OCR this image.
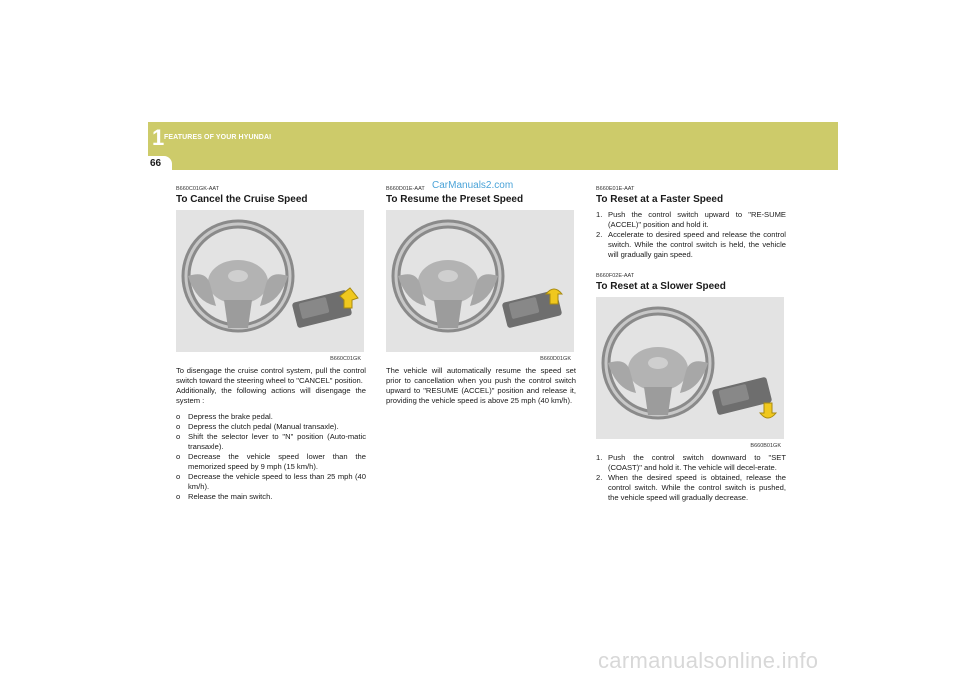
1 FEATURES OF YOUR HYUNDAI
66
CarManuals2.com

B660C01GK-AAT

To Cancel the Cruise Speed
B660C01GK

To disengage the cruise control system, pull the control switch toward the steering wheel to "CANCEL" position.

Additionally, the following actions will disengage the system :

o Depress the brake pedal.
o Depress the clutch pedal (Manual transaxle).
o Shift the selector lever to "N" position (Auto-matic transaxle).
o Decrease the vehicle speed lower than the memorized speed by 9 mph (15 km/h).
o Decrease the vehicle speed to less than 25 mph (40 km/h).
o Release the main switch.

B660D01E-AAT

To Resume the Preset Speed
B660D01GK

The vehicle will automatically resume the speed set prior to cancellation when you push the control switch upward to "RESUME (ACCEL)" position and release it, providing the vehicle speed is above 25 mph (40 km/h).

B660E01E-AAT

To Reset at a Faster Speed
1. Push the control switch upward to "RE-SUME (ACCEL)" position and hold it.
2. Accelerate to desired speed and release the control switch. While the control switch is held, the vehicle will gradually gain speed.

B660F02E-AAT

To Reset at a Slower Speed
B660B01GK
1. Push the control switch downward to "SET (COAST)" and hold it. The vehicle will decel-erate.
2. When the desired speed is obtained, release the control switch. While the control switch is pushed, the vehicle speed will gradually decrease.
carmanualsonline.info
